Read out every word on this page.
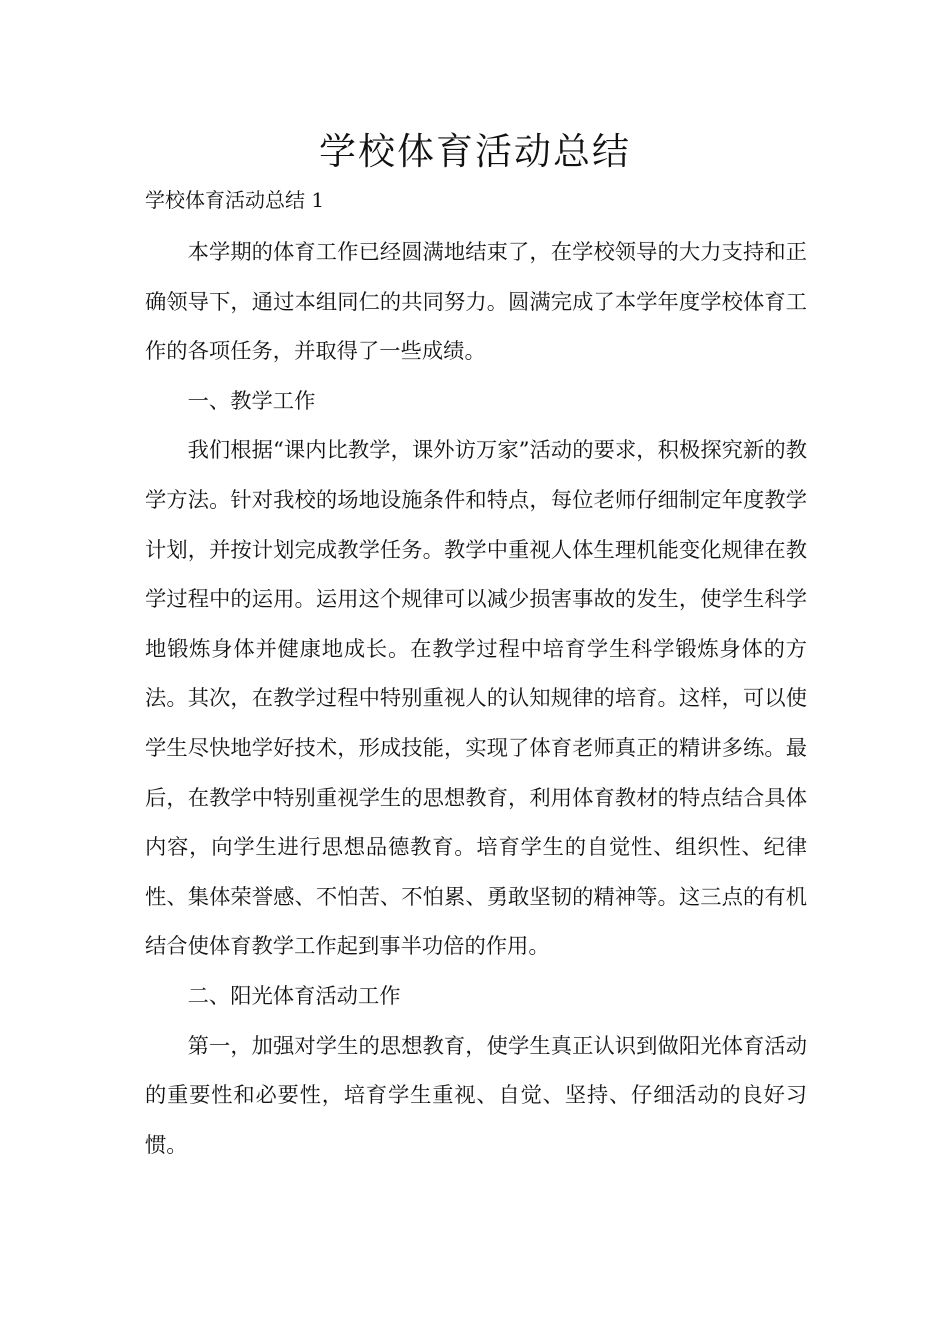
学校体育活动总结

学校体育活动总结 1

本学期的体育工作已经圆满地结束了，在学校领导的大力支持和正确领导下，通过本组同仁的共同努力。圆满完成了本学年度学校体育工作的各项任务，并取得了一些成绩。

一、教学工作

我们根据“课内比教学，课外访万家”活动的要求，积极探究新的教学方法。针对我校的场地设施条件和特点，每位老师仔细制定年度教学计划，并按计划完成教学任务。教学中重视人体生理机能变化规律在教学过程中的运用。运用这个规律可以减少损害事故的发生，使学生科学地锻炼身体并健康地成长。在教学过程中培育学生科学锻炼身体的方法。其次，在教学过程中特别重视人的认知规律的培育。这样，可以使学生尽快地学好技术，形成技能，实现了体育老师真正的精讲多练。最后，在教学中特别重视学生的思想教育，利用体育教材的特点结合具体内容，向学生进行思想品德教育。培育学生的自觉性、组织性、纪律性、集体荣誉感、不怕苦、不怕累、勇敢坚韧的精神等。这三点的有机结合使体育教学工作起到事半功倍的作用。

二、阳光体育活动工作

第一，加强对学生的思想教育，使学生真正认识到做阳光体育活动的重要性和必要性，培育学生重视、自觉、坚持、仔细活动的良好习惯。
